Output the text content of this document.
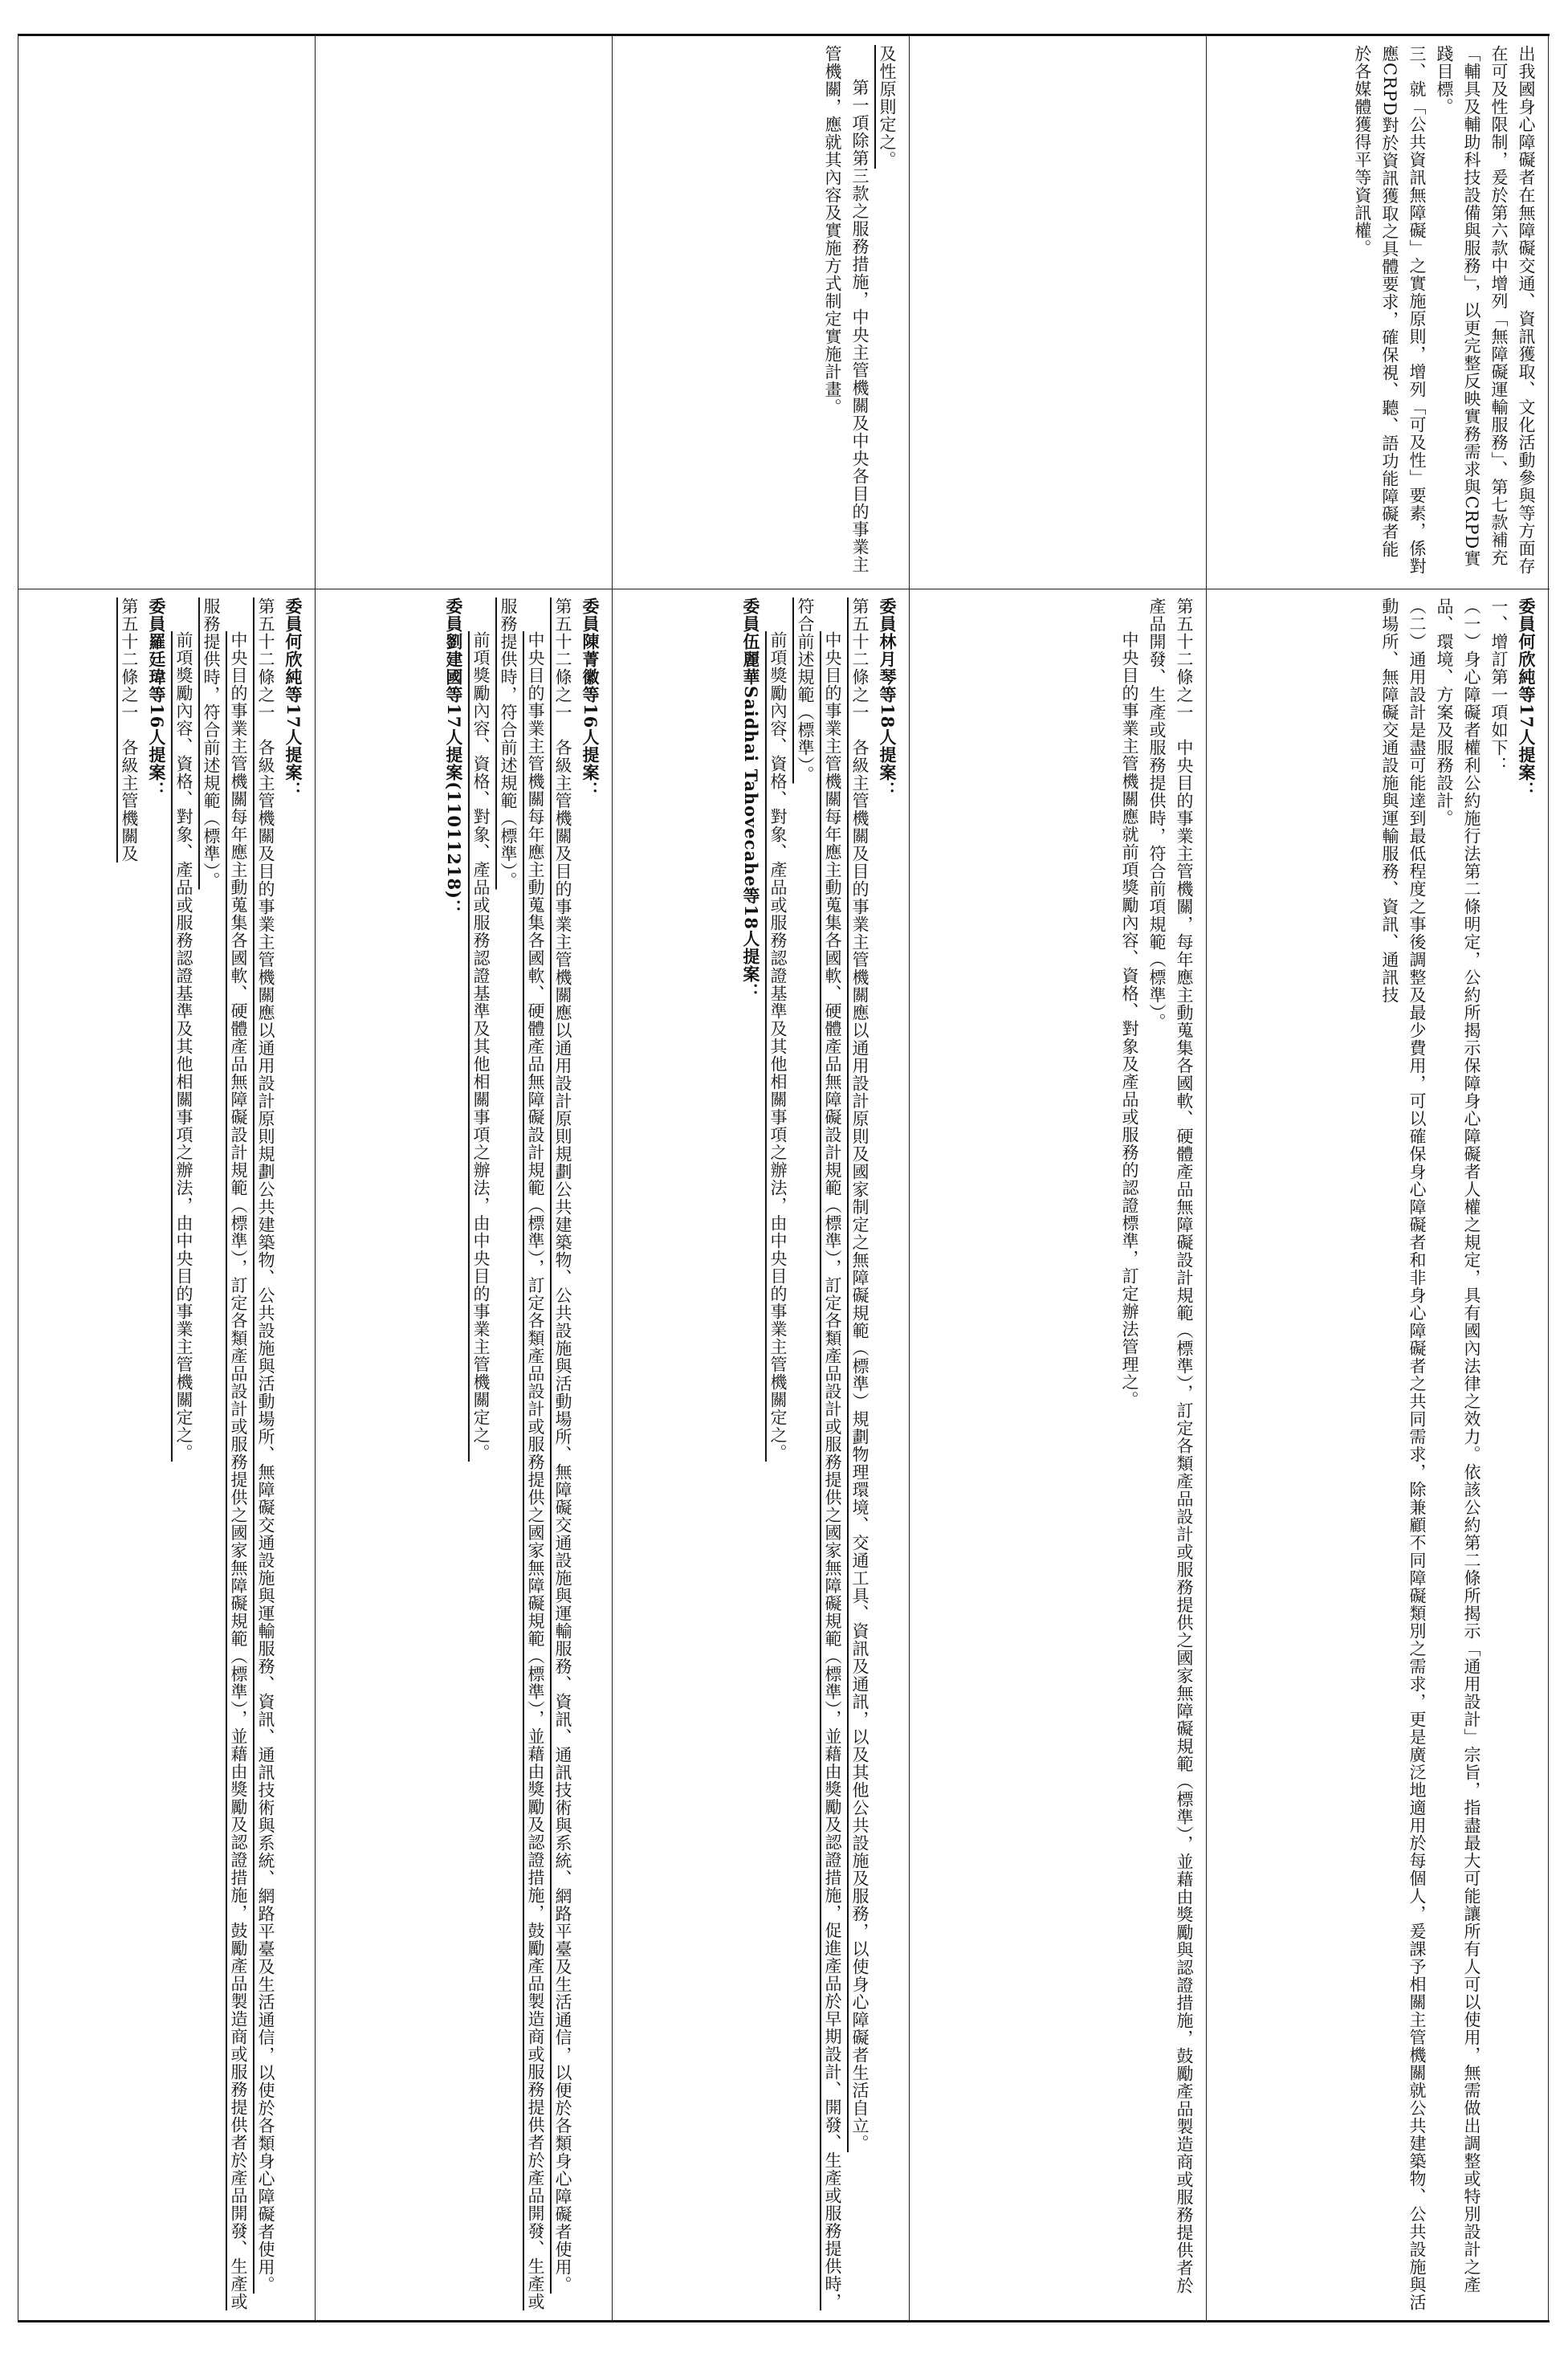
出我國身心障礙者在無障礙交通、資訊獲取、文化活動參與等方面存在可及性限制，爰於第六款中增列「無障礙運輸服務」、第七款補充「輔具及輔助科技設備與服務」，以更完整反映實務需求與CRPD實踐目標。

三、就「公共資訊無障礙」之實施原則，增列「可及性」要素，係對應CRPD對於資訊獲取之具體要求，確保視、聽、語功能障礙者能於各媒體獲得平等資訊權。

委員何欣純等17人提案：

一、增訂第一項如下：

（一）身心障礙者權利公約施行法第二條明定，公約所揭示保障身心障礙者人權之規定，具有國內法律之效力。依該公約第二條所揭示「通用設計」宗旨，指盡最大可能讓所有人可以使用，無需做出調整或特別設計之產品、環境、方案及服務設計。

（二）通用設計是盡可能達到最低程度之事後調整及最少費用，可以確保身心障礙者和非身心障礙者之共同需求，除兼顧不同障礙類別之需求，更是廣泛地適用於每個人，爰課予相關主管機關就公共建築物、公共設施與活動場所、無障礙交通設施與運輸服務、資訊、通訊技

第五十二條之一　中央目的事業主管機關，每年應主動蒐集各國軟、硬體產品無障礙設計規範（標準），訂定各類產品設計或服務提供之國家無障礙規範（標準），並藉由獎勵與認證措施，鼓勵產品製造商或服務提供者於產品開發、生產或服務提供時，符合前項規範（標準）。

中央目的事業主管機關應就前項獎勵內容、資格、對象及產品或服務的認證標準，訂定辦法管理之。

及性原則定之。

第一項除第三款之服務措施，中央主管機關及中央各目的事業主管機關，應就其內容及實施方式制定實施計畫。

委員林月琴等18人提案：

第五十二條之一　各級主管機關及目的事業主管機關應以通用設計原則及國家制定之無障礙規範（標準）規劃物理環境、交通工具、資訊及通訊，以及其他公共設施及服務，以使身心障礙者生活自立。

中央目的事業主管機關每年應主動蒐集各國軟、硬體產品無障礙設計規範（標準），訂定各類產品設計或服務提供之國家無障礙規範（標準），並藉由獎勵及認證措施，促進產品於早期設計、開發、生產或服務提供時，符合前述規範（標準）。

前項獎勵內容、資格、對象、產品或服務認證基準及其他相關事項之辦法，由中央目的事業主管機關定之。

委員伍麗華Saidhai Tahovecahe等18人提案：

委員陳菁徽等16人提案：

第五十二條之一　各級主管機關及目的事業主管機關應以通用設計原則規劃公共建築物、公共設施與活動場所、無障礙交通設施與運輸服務、資訊、通訊技術與系統、網路平臺及生活通信，以便於各類身心障礙者使用。

中央目的事業主管機關每年應主動蒐集各國軟、硬體產品無障礙設計規範（標準），訂定各類產品設計或服務提供之國家無障礙規範（標準），並藉由獎勵及認證措施，鼓勵產品製造商或服務提供者於產品開發、生產或服務提供時，符合前述規範（標準）。

前項獎勵內容、資格、對象、產品或服務認證基準及其他相關事項之辦法，由中央目的事業主管機關定之。

委員劉建國等17人提案(11011218)：

委員何欣純等17人提案：

第五十二條之一　各級主管機關及目的事業主管機關應以通用設計原則規劃公共建築物、公共設施與活動場所、無障礙交通設施與運輸服務、資訊、通訊技術與系統、網路平臺及生活通信，以使於各類身心障礙者使用。

中央目的事業主管機關每年應主動蒐集各國軟、硬體產品無障礙設計規範（標準），訂定各類產品設計或服務提供之國家無障礙規範（標準），並藉由獎勵及認證措施，鼓勵產品製造商或服務提供者於產品開發、生產或服務提供時，符合前述規範（標準）。

前項獎勵內容、資格、對象、產品或服務認證基準及其他相關事項之辦法，由中央目的事業主管機關定之。

委員羅廷瑋等16人提案：

第五十二條之一　各級主管機關及
